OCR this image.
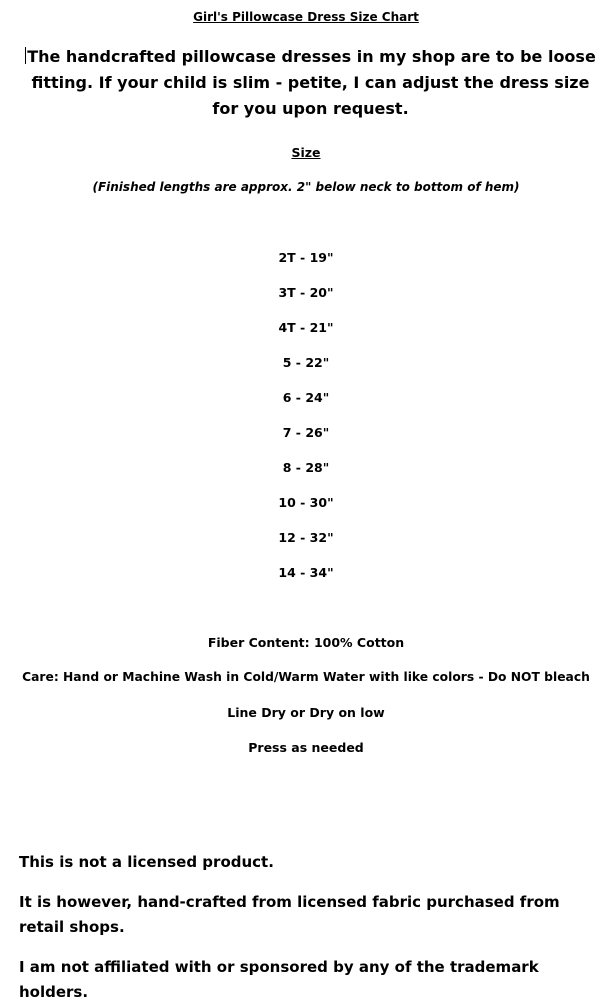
Girl's Pillowcase Dress Size Chart
The handcrafted pillowcase dresses in my shop are to be loose fitting. If your child is slim - petite, I can adjust the dress size for you upon request.
Size
(Finished lengths are approx. 2" below neck to bottom of hem)
2T - 19"
3T - 20"
4T - 21"
5 - 22"
6 - 24"
7 - 26"
8 - 28"
10 - 30"
12 - 32"
14 - 34"
Fiber Content: 100% Cotton
Care: Hand or Machine Wash in Cold/Warm Water with like colors - Do NOT bleach
Line Dry or Dry on low
Press as needed
This is not a licensed product.
It is however, hand-crafted from licensed fabric purchased from retail shops.
I am not affiliated with or sponsored by any of the trademark holders.
